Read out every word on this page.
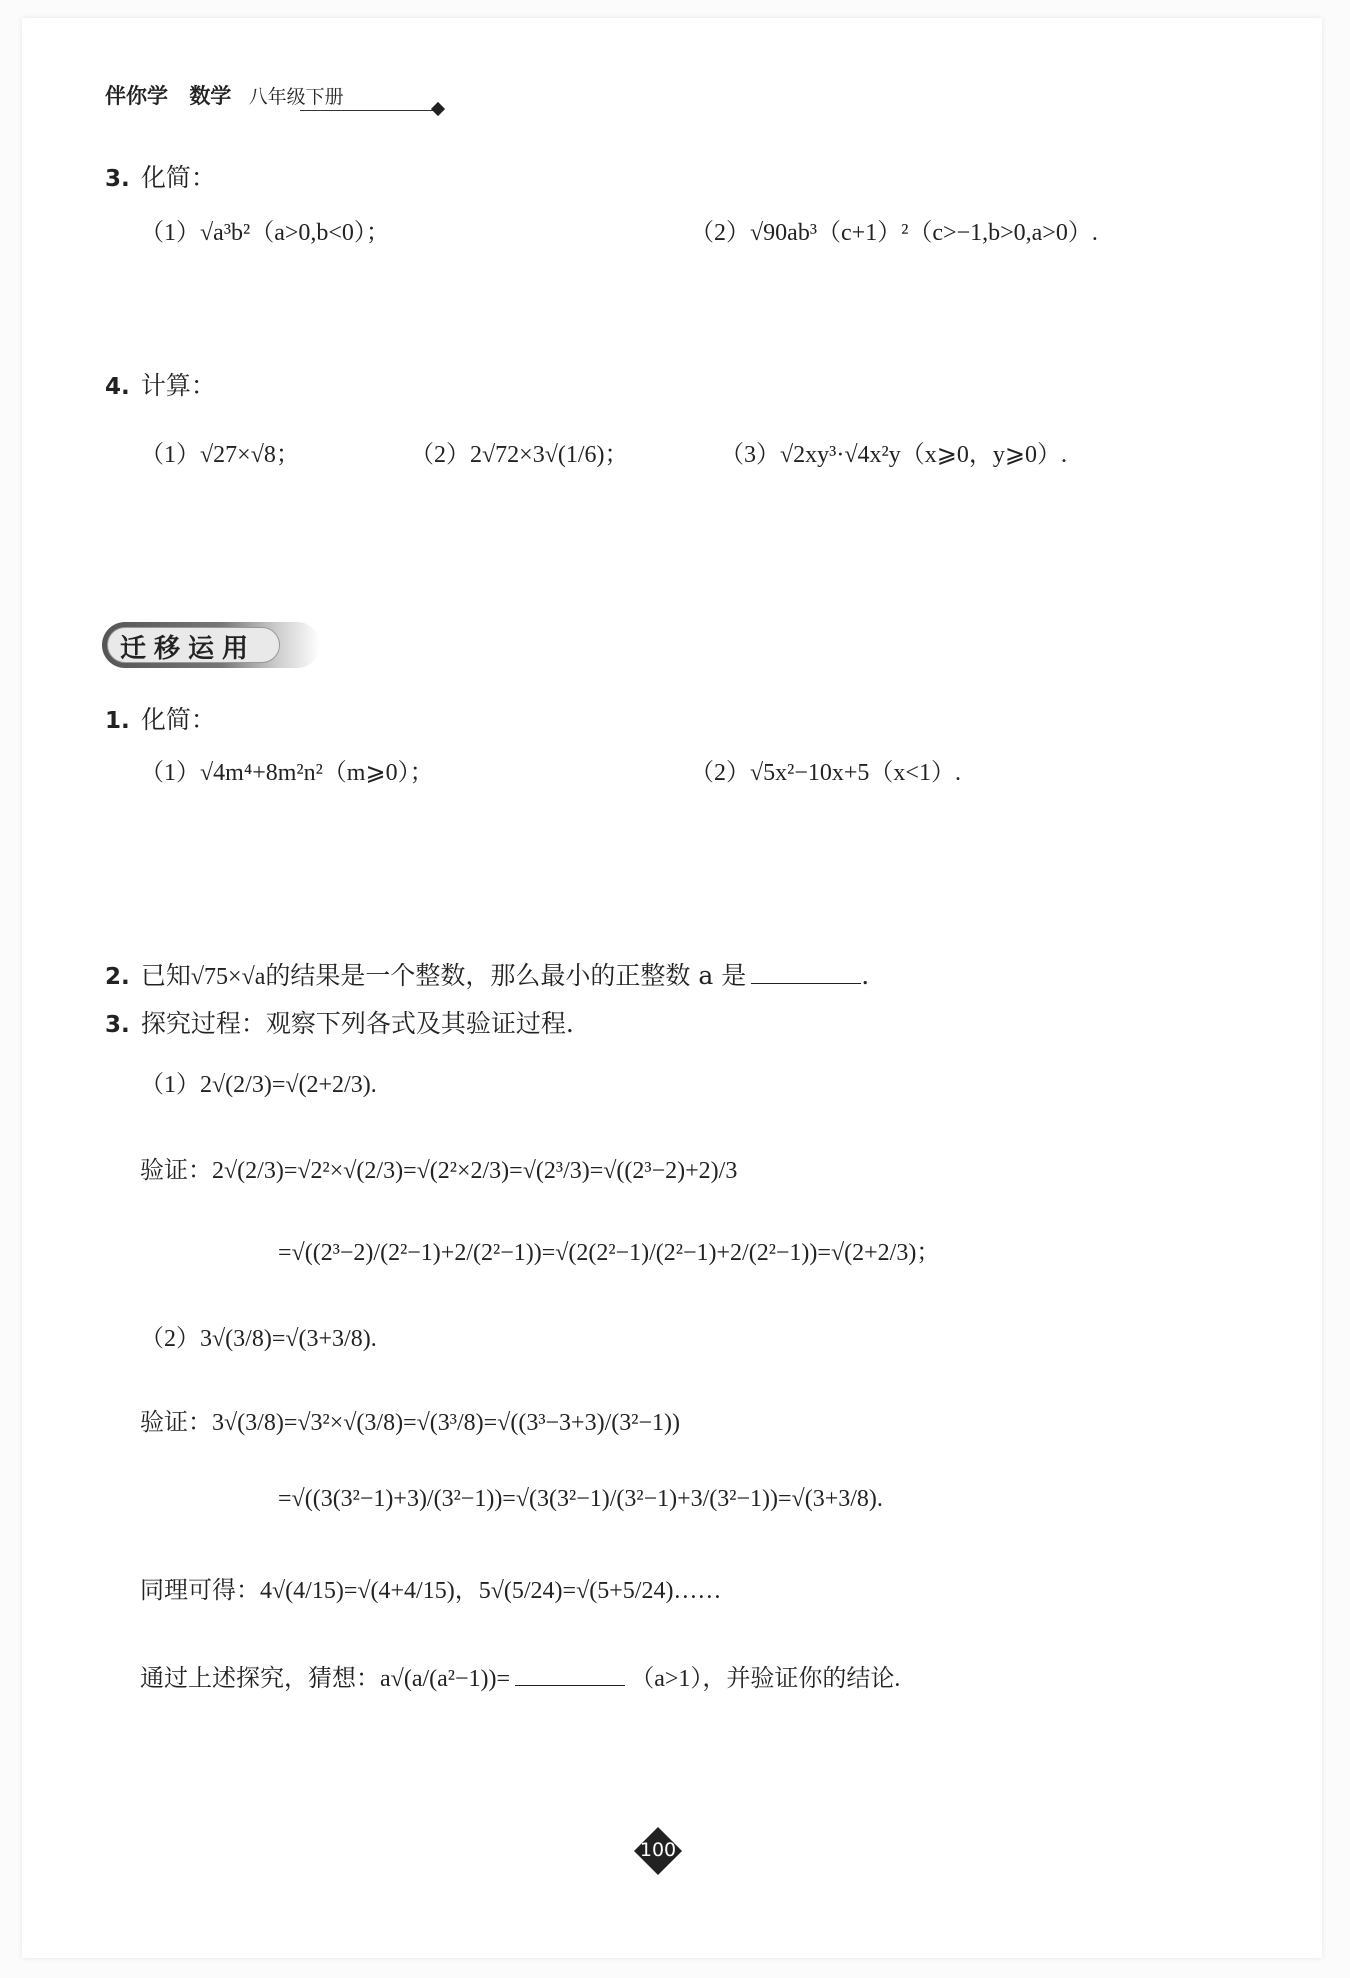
伴你学 数学 八年级下册
3. 化简：
（1）√a³b²（a>0,b<0）；	（2）√90ab³（c+1）²（c>−1,b>0,a>0）.
4. 计算：
（1）√27×√8；	（2）2√72×3√(1/6)；	（3）√2xy³·√4x²y（x⩾0，y⩾0）.
迁移运用
1. 化简：
（1）√4m⁴+8m²n²（m⩾0）；	（2）√5x²−10x+5（x<1）.
2. 已知√75×√a的结果是一个整数，那么最小的正整数 a 是	.
3. 探究过程：观察下列各式及其验证过程.
（1）2√(2/3)=√(2+2/3).
验证：2√(2/3)=√2²×√(2/3)=√(2²×2/3)=√(2³/3)=√((2³−2)+2)/3
=√((2³−2)/(2²−1)+2/(2²−1))=√(2(2²−1)/(2²−1)+2/(2²−1))=√(2+2/3)；
（2）3√(3/8)=√(3+3/8).
验证：3√(3/8)=√3²×√(3/8)=√(3³/8)=√((3³−3+3)/(3²−1))
=√((3(3²−1)+3)/(3²−1))=√(3(3²−1)/(3²−1)+3/(3²−1))=√(3+3/8).
同理可得：4√(4/15)=√(4+4/15)，5√(5/24)=√(5+5/24)……
通过上述探究，猜想：a√(a/(a²−1))=	（a>1），并验证你的结论.
100
